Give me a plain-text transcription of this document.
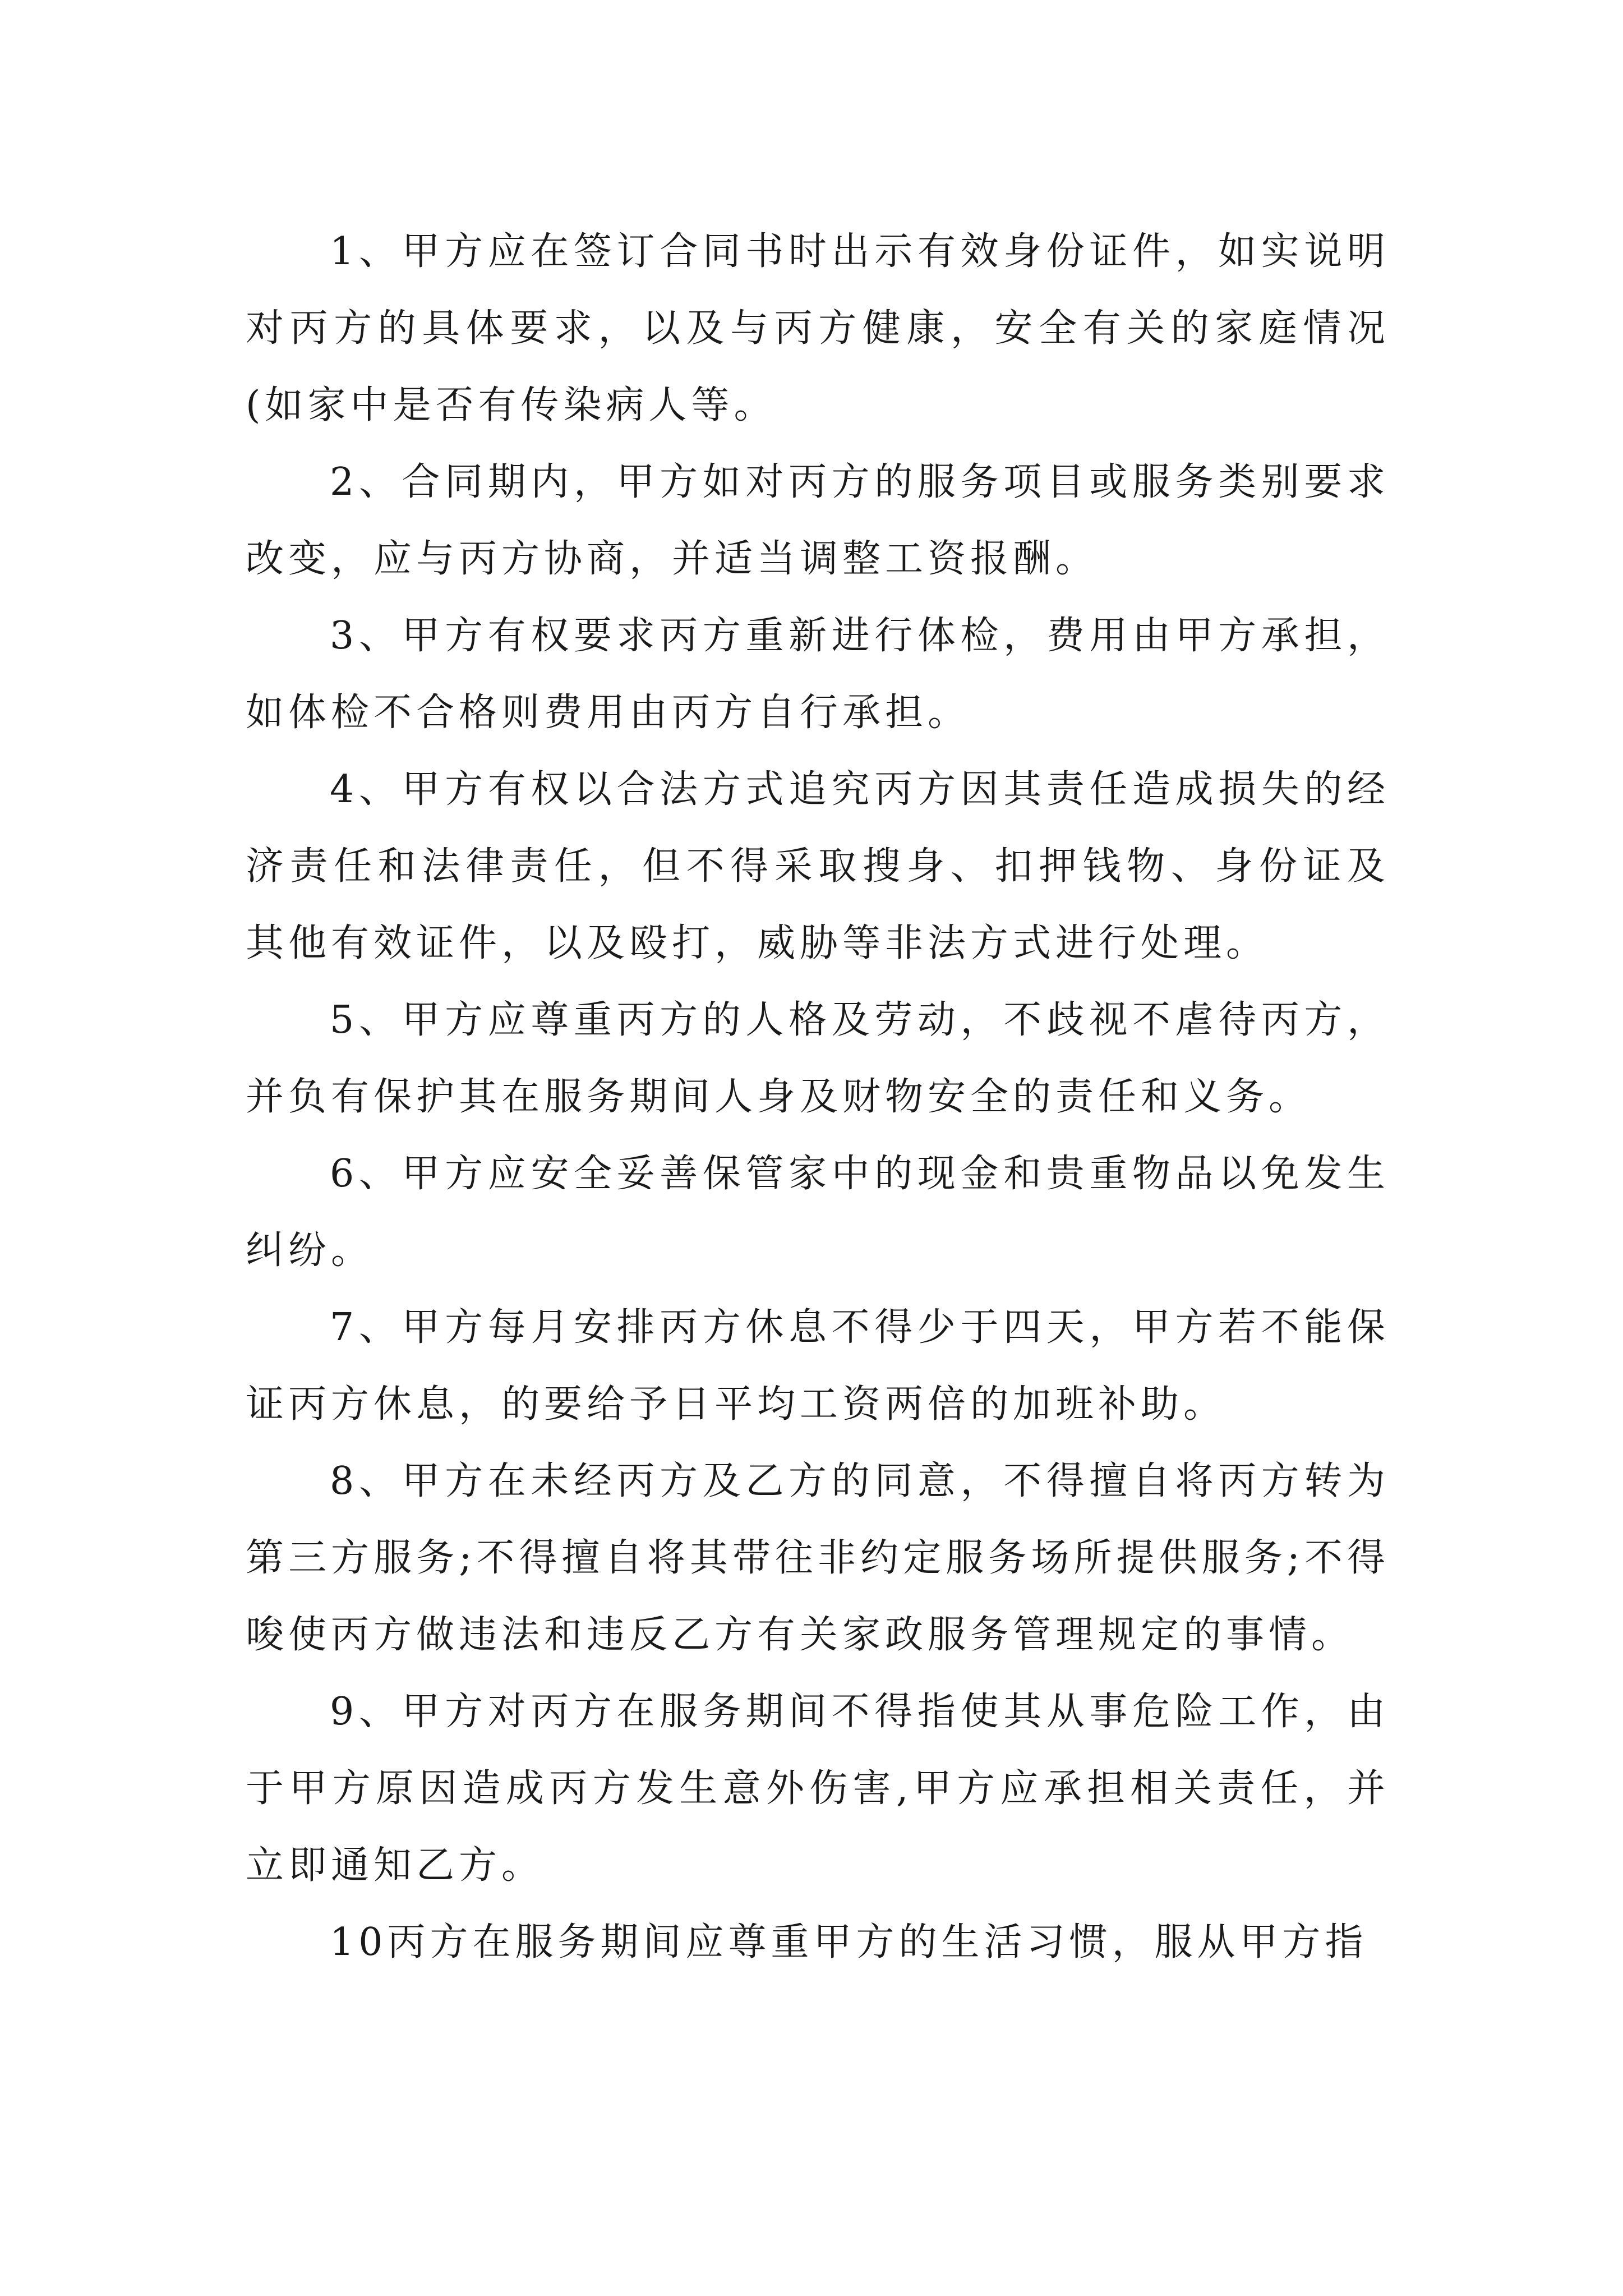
1、甲方应在签订合同书时出示有效身份证件，如实说明对丙方的具体要求，以及与丙方健康，安全有关的家庭情况(如家中是否有传染病人等。

2、合同期内，甲方如对丙方的服务项目或服务类别要求改变，应与丙方协商，并适当调整工资报酬。

3、甲方有权要求丙方重新进行体检，费用由甲方承担，如体检不合格则费用由丙方自行承担。

4、甲方有权以合法方式追究丙方因其责任造成损失的经济责任和法律责任，但不得采取搜身、扣押钱物、身份证及其他有效证件，以及殴打，威胁等非法方式进行处理。

5、甲方应尊重丙方的人格及劳动，不歧视不虐待丙方，并负有保护其在服务期间人身及财物安全的责任和义务。

6、甲方应安全妥善保管家中的现金和贵重物品以免发生纠纷。

7、甲方每月安排丙方休息不得少于四天，甲方若不能保证丙方休息，的要给予日平均工资两倍的加班补助。

8、甲方在未经丙方及乙方的同意，不得擅自将丙方转为第三方服务;不得擅自将其带往非约定服务场所提供服务;不得唆使丙方做违法和违反乙方有关家政服务管理规定的事情。

9、甲方对丙方在服务期间不得指使其从事危险工作，由于甲方原因造成丙方发生意外伤害,甲方应承担相关责任，并立即通知乙方。

10丙方在服务期间应尊重甲方的生活习惯，服从甲方指
